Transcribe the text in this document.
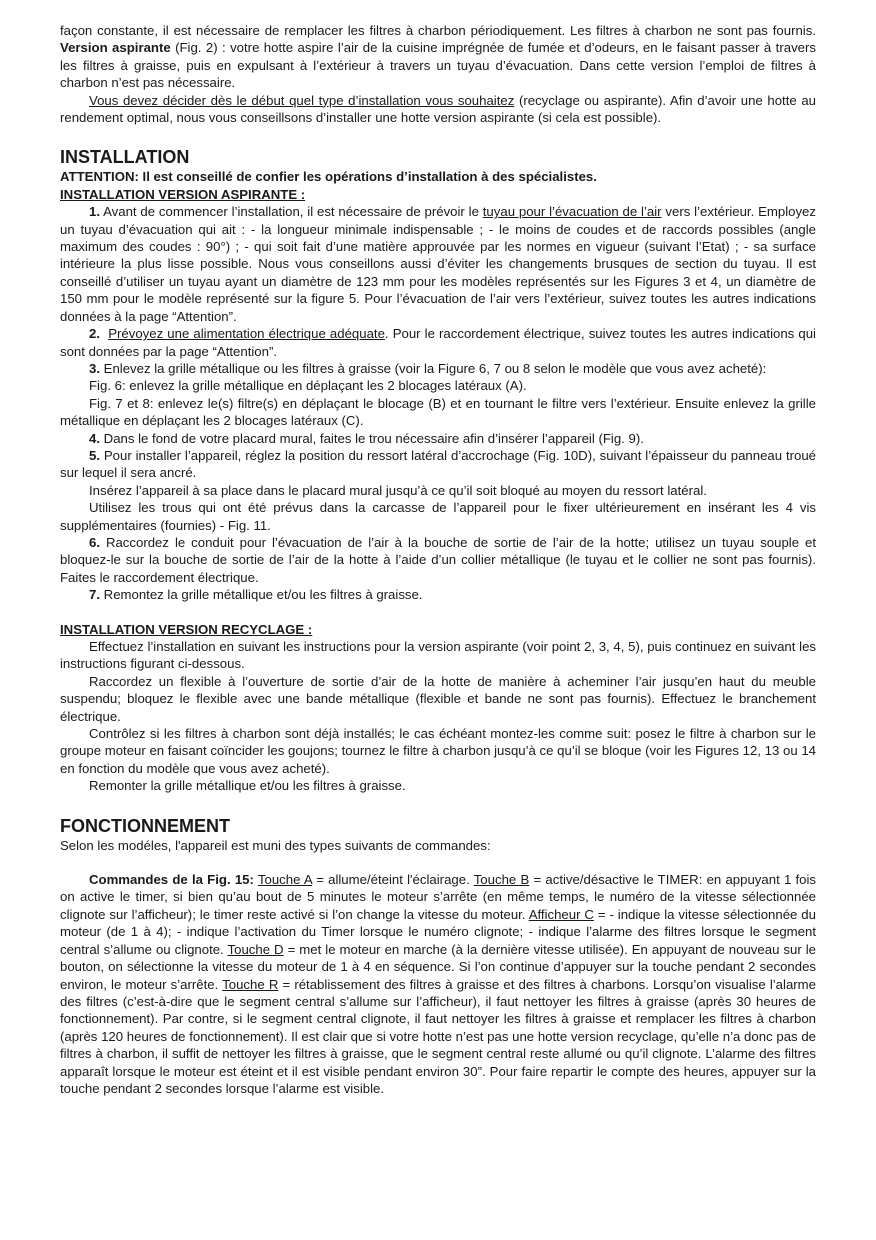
façon constante, il est nécessaire de remplacer les filtres à charbon périodiquement. Les filtres à charbon ne sont pas fournis. Version aspirante (Fig. 2) : votre hotte aspire l’air de la cuisine imprégnée de fumée et d’odeurs, en le faisant passer à travers les filtres à graisse, puis en expulsant à l’extérieur à travers un tuyau d’évacuation. Dans cette version l’emploi de filtres à charbon n’est pas nécessaire.

Vous devez décider dès le début quel type d’installation vous souhaitez (recyclage ou aspirante). Afin d’avoir une hotte au rendement optimal, nous vous conseillsons d’installer une hotte version aspirante (si cela est possible).

INSTALLATION
ATTENTION: Il est conseillé de confier les opérations d’installation à des spécialistes.
INSTALLATION VERSION ASPIRANTE :

1. Avant de commencer l’installation, il est nécessaire de prévoir le tuyau pour l’évacuation de l’air vers l’extérieur. Employez un tuyau d’évacuation qui ait : - la longueur minimale indispensable ; - le moins de coudes et de raccords possibles (angle maximum des coudes : 90°) ; - qui soit fait d’une matière approuvée par les normes en vigueur (suivant l’Etat) ; - sa surface intérieure la plus lisse possible. Nous vous conseillons aussi d’éviter les changements brusques de section du tuyau. Il est conseillé d’utiliser un tuyau ayant un diamètre de 123 mm pour les modèles représentés sur les Figures 3 et 4, un diamètre de 150 mm pour le modèle représenté sur la figure 5. Pour l’évacuation de l’air vers l’extérieur, suivez toutes les autres indications données à la page “Attention”.

2. Prévoyez une alimentation électrique adéquate. Pour le raccordement électrique, suivez toutes les autres indications qui sont données par la page “Attention”.

3. Enlevez la grille métallique ou les filtres à graisse (voir la Figure 6, 7 ou 8 selon le modèle que vous avez acheté):

Fig. 6: enlevez la grille métallique en déplaçant les 2 blocages latéraux (A).

Fig. 7 et 8: enlevez le(s) filtre(s) en déplaçant le blocage (B) et en tournant le filtre vers l’extérieur. Ensuite enlevez la grille métallique en déplaçant les 2 blocages latéraux (C).

4. Dans le fond de votre placard mural, faites le trou nécessaire afin d’insérer l’appareil (Fig. 9).

5. Pour installer l’appareil, réglez la position du ressort latéral d’accrochage (Fig. 10D), suivant l’épaisseur du panneau troué sur lequel il sera ancré.

Insérez l’appareil à sa place dans le placard mural jusqu’à ce qu’il soit bloqué au moyen du ressort latéral.

Utilisez les trous qui ont été prévus dans la carcasse de l’appareil pour le fixer ultérieurement en insérant les 4 vis supplémentaires (fournies) - Fig. 11.

6. Raccordez le conduit pour l’évacuation de l’air à la bouche de sortie de l’air de la hotte; utilisez un tuyau souple et bloquez-le sur la bouche de sortie de l’air de la hotte à l’aide d’un collier métallique (le tuyau et le collier ne sont pas fournis). Faites le raccordement électrique.

7. Remontez la grille métallique et/ou les filtres à graisse.

INSTALLATION VERSION RECYCLAGE :

Effectuez l’installation en suivant les instructions pour la version aspirante (voir point 2, 3, 4, 5), puis continuez en suivant les instructions figurant ci-dessous.

Raccordez un flexible à l’ouverture de sortie d’air de la hotte de manière à acheminer l’air jusqu’en haut du meuble suspendu; bloquez le flexible avec une bande métallique (flexible et bande ne sont pas fournis). Effectuez le branchement électrique.

Contrôlez si les filtres à charbon sont déjà installés; le cas échéant montez-les comme suit: posez le filtre à charbon sur le groupe moteur en faisant coïncider les goujons; tournez le filtre à charbon jusqu’à ce qu’il se bloque (voir les Figures 12, 13 ou 14 en fonction du modèle que vous avez acheté).

Remonter la grille métallique et/ou les filtres à graisse.

FONCTIONNEMENT

Selon les modéles, l'appareil est muni des types suivants de commandes:

Commandes de la Fig. 15: Touche A = allume/éteint l'éclairage. Touche B = active/désactive le TIMER: en appuyant 1 fois on active le timer, si bien qu’au bout de 5 minutes le moteur s’arrête (en même temps, le numéro de la vitesse sélectionnée clignote sur l’afficheur); le timer reste activé si l’on change la vitesse du moteur. Afficheur C = - indique la vitesse sélectionnée du moteur (de 1 à 4); - indique l’activation du Timer lorsque le numéro clignote; - indique l’alarme des filtres lorsque le segment central s’allume ou clignote. Touche D = met le moteur en marche (à la dernière vitesse utilisée). En appuyant de nouveau sur le bouton, on sélectionne la vitesse du moteur de 1 à 4 en séquence. Si l’on continue d’appuyer sur la touche pendant 2 secondes environ, le moteur s’arrête. Touche R = rétablissement des filtres à graisse et des filtres à charbons. Lorsqu’on visualise l’alarme des filtres (c’est-à-dire que le segment central s’allume sur l’afficheur), il faut nettoyer les filtres à graisse (après 30 heures de fonctionnement). Par contre, si le segment central clignote, il faut nettoyer les filtres à graisse et remplacer les filtres à charbon (après 120 heures de fonctionnement). Il est clair que si votre hotte n’est pas une hotte version recyclage, qu’elle n’a donc pas de filtres à charbon, il suffit de nettoyer les filtres à graisse, que le segment central reste allumé ou qu’il clignote. L’alarme des filtres apparaît lorsque le moteur est éteint et il est visible pendant environ 30”. Pour faire repartir le compte des heures, appuyer sur la touche pendant 2 secondes lorsque l’alarme est visible.
